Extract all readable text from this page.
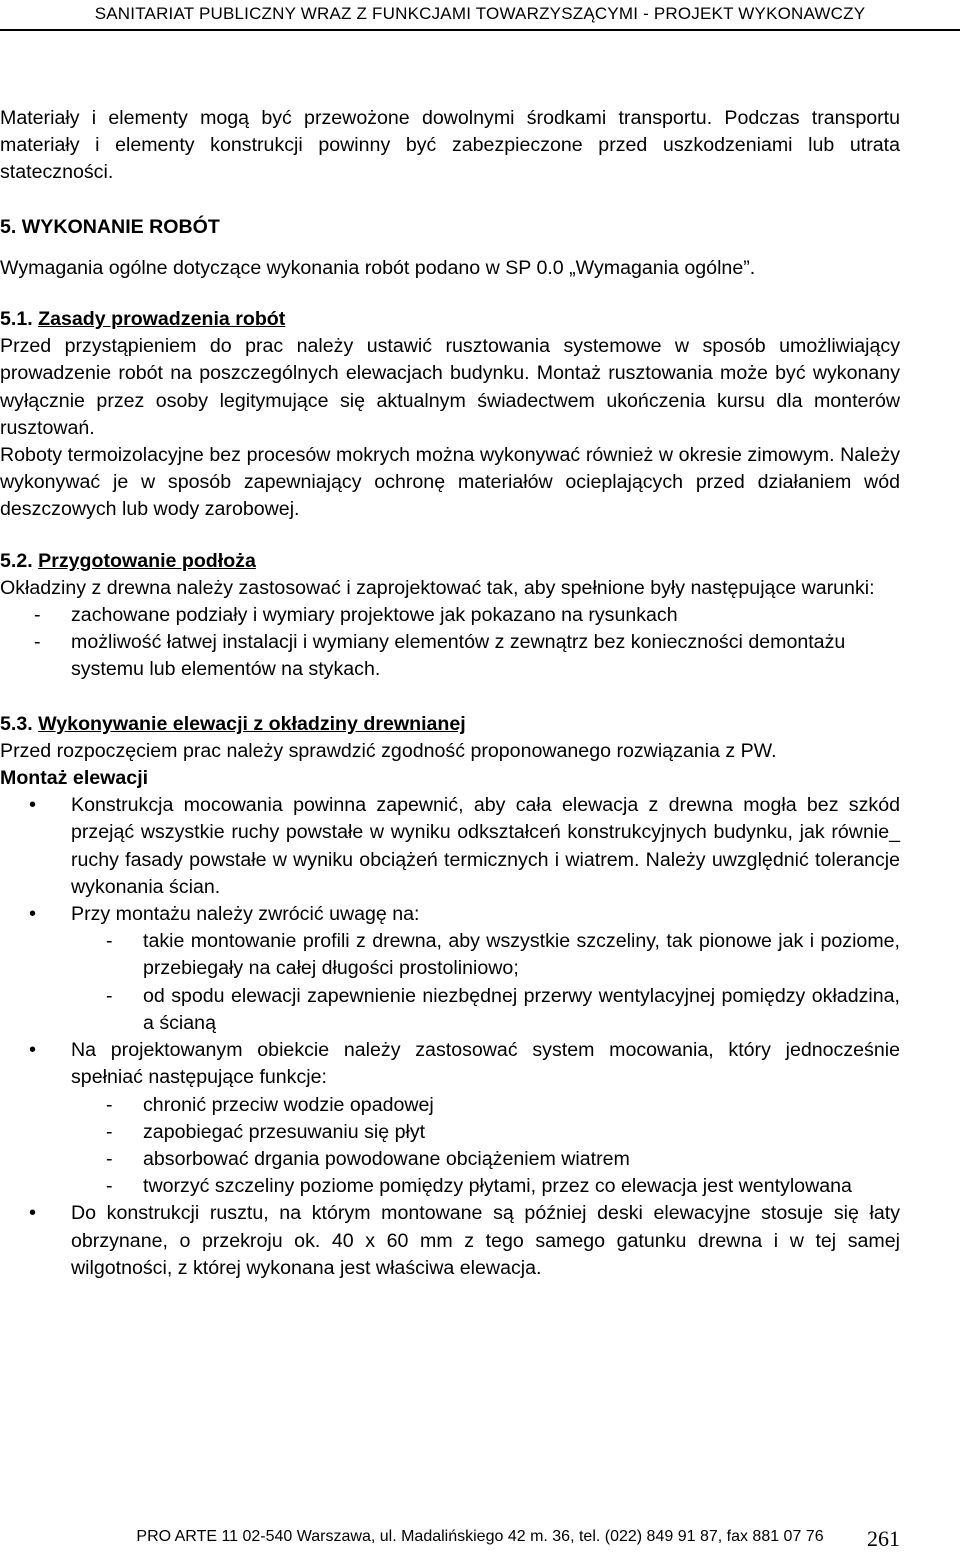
SANITARIAT PUBLICZNY WRAZ Z FUNKCJAMI TOWARZYSZĄCYMI - PROJEKT WYKONAWCZY

Materiały i elementy mogą być przewożone dowolnymi środkami transportu. Podczas transportu materiały i elementy konstrukcji powinny być zabezpieczone przed uszkodzeniami lub utrata stateczności.

5. WYKONANIE ROBÓT

Wymagania ogólne dotyczące wykonania robót podano w SP 0.0 „Wymagania ogólne”.

5.1. Zasady prowadzenia robót

Przed przystąpieniem do prac należy ustawić rusztowania systemowe w sposób umożliwiający prowadzenie robót na poszczególnych elewacjach budynku. Montaż rusztowania może być wykonany wyłącznie przez osoby legitymujące się aktualnym świadectwem ukończenia kursu dla monterów rusztowań.

Roboty termoizolacyjne bez procesów mokrych można wykonywać również w okresie zimowym. Należy wykonywać je w sposób zapewniający ochronę materiałów ocieplających przed działaniem wód deszczowych lub wody zarobowej.

5.2. Przygotowanie podłoża

Okładziny z drewna należy zastosować i zaprojektować tak, aby spełnione były następujące warunki:

- zachowane podziały i wymiary projektowe jak pokazano na rysunkach
- możliwość łatwej instalacji i wymiany elementów z zewnątrz bez konieczności demontażu systemu lub elementów na stykach.

5.3. Wykonywanie elewacji z okładziny drewnianej

Przed rozpoczęciem prac należy sprawdzić zgodność proponowanego rozwiązania z PW.

Montaż elewacji

• Konstrukcja mocowania powinna zapewnić, aby cała elewacja z drewna mogła bez szkód przejąć wszystkie ruchy powstałe w wyniku odkształceń konstrukcyjnych budynku, jak równie_ ruchy fasady powstałe w wyniku obciążeń termicznych i wiatrem. Należy uwzględnić tolerancje wykonania ścian.
• Przy montażu należy zwrócić uwagę na:
- takie montowanie profili z drewna, aby wszystkie szczeliny, tak pionowe jak i poziome, przebiegały na całej długości prostoliniowo;
- od spodu elewacji zapewnienie niezbędnej przerwy wentylacyjnej pomiędzy okładzina, a ścianą
• Na projektowanym obiekcie należy zastosować system mocowania, który jednocześnie spełniać następujące funkcje:
- chronić przeciw wodzie opadowej
- zapobiegać przesuwaniu się płyt
- absorbować drgania powodowane obciążeniem wiatrem
- tworzyć szczeliny poziome pomiędzy płytami, przez co elewacja jest wentylowana
• Do konstrukcji rusztu, na którym montowane są później deski elewacyjne stosuje się łaty obrzynane, o przekroju ok. 40 x 60 mm z tego samego gatunku drewna i w tej samej wilgotności, z której wykonana jest właściwa elewacja.
261
PRO ARTE 11 02-540 Warszawa, ul. Madalińskiego 42 m. 36, tel. (022) 849 91 87, fax 881 07 76
